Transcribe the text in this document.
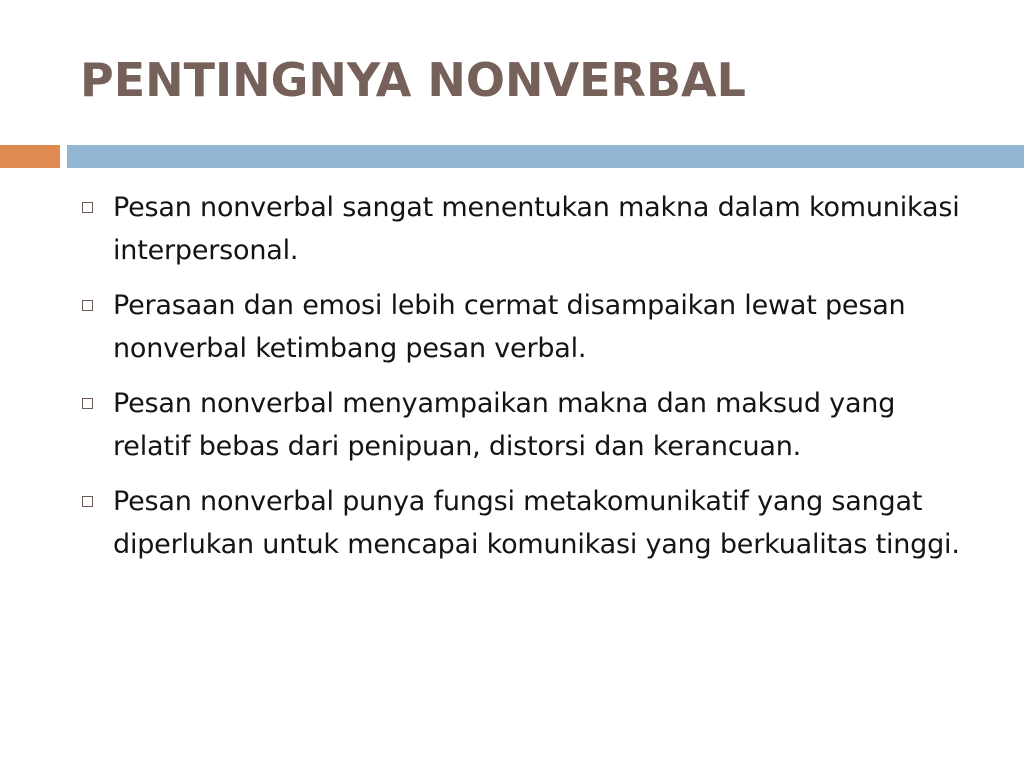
PENTINGNYA NONVERBAL
Pesan nonverbal sangat menentukan makna dalam komunikasi interpersonal.
Perasaan dan emosi lebih cermat disampaikan lewat pesan nonverbal ketimbang pesan verbal.
Pesan nonverbal menyampaikan makna dan maksud yang relatif bebas dari penipuan, distorsi dan kerancuan.
Pesan nonverbal punya fungsi metakomunikatif yang sangat diperlukan untuk mencapai komunikasi yang berkualitas tinggi.
